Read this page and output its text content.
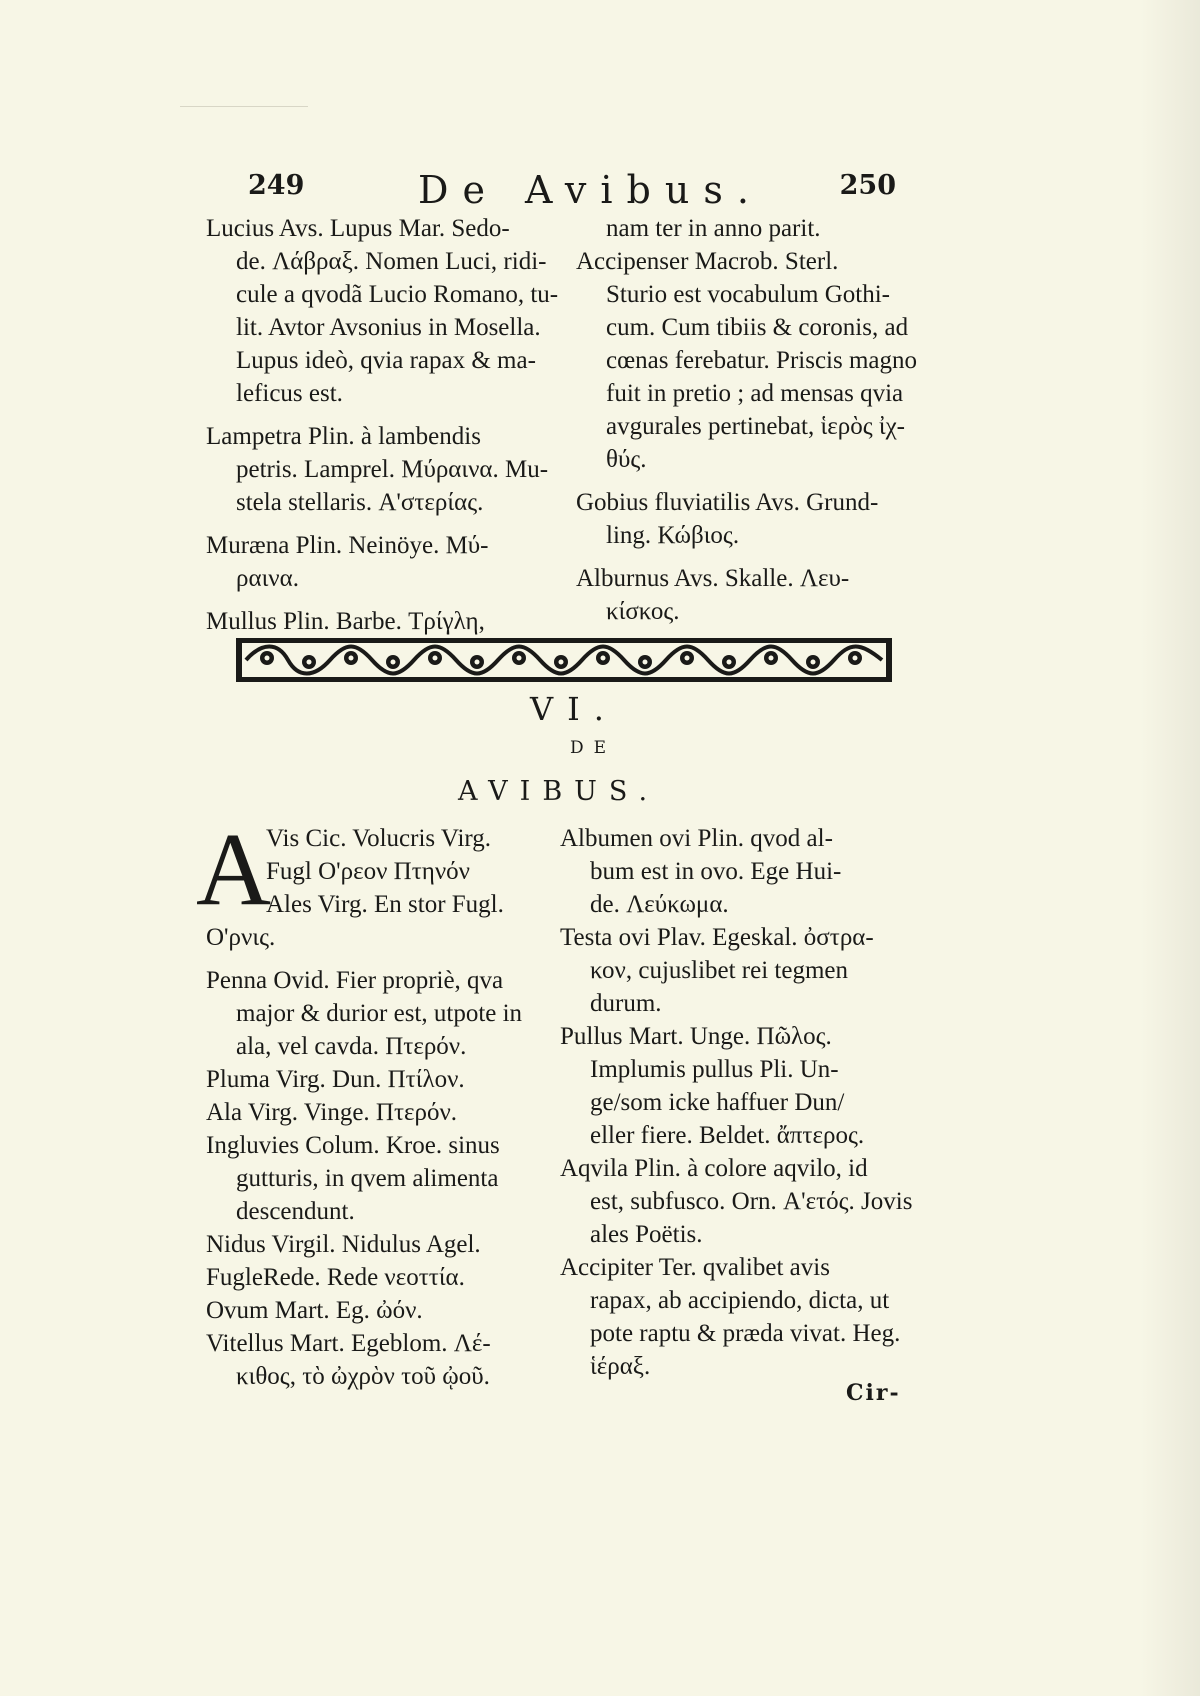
249	De Avibus.	250

Lucius Avs. Lupus Mar. Sedo-

de. Λάβραξ. Nomen Luci, ridi-

cule a qvodã Lucio Romano, tu-

lit. Avtor Avsonius in Mosella.

Lupus ideò, qvia rapax & ma-

leficus est.

Lampetra Plin. à lambendis

petris. Lamprel. Μύραινα. Mu-

stela stellaris. Α'στερίας.

Muræna Plin. Neinöye. Μύ-

ραινα.

Mullus Plin. Barbe. Τρίγλη,

nam ter in anno parit.

Accipenser Macrob. Sterl.

Sturio est vocabulum Gothi-

cum. Cum tibiis & coronis, ad

cœnas ferebatur. Priscis magno

fuit in pretio ; ad mensas qvia

avgurales pertinebat, ἱερὸς ἰχ-

θύς.

Gobius fluviatilis Avs. Grund-

ling. Κώβιος.

Alburnus Avs. Skalle. Λευ-

κίσκος.

VI.
DE
AVIBUS.
A

Vis Cic. Volucris Virg.

Fugl Ο'ρεον Πτηνόν

Ales Virg. En stor Fugl.

Ο'ρνις.

Penna Ovid. Fier propriè, qva

major & durior est, utpote in

ala, vel cavda. Πτερόν.

Pluma Virg. Dun. Πτίλον.

Ala Virg. Vinge. Πτερόν.

Ingluvies Colum. Kroe. sinus

gutturis, in qvem alimenta

descendunt.

Nidus Virgil. Nidulus Agel.

FugleRede. Rede νεοττία.

Ovum Mart. Eg. ὠόν.

Vitellus Mart. Egeblom. Λέ-

κιθος, τὸ ὠχρὸν τοῦ ᾠοῦ.

Albumen ovi Plin. qvod al-

bum est in ovo. Ege Hui-

de. Λεύκωμα.

Testa ovi Plav. Egeskal. ὀστρα-

κον, cujuslibet rei tegmen

durum.

Pullus Mart. Unge. Πῶλος.

Implumis pullus Pli. Un-

ge/som icke haffuer Dun/

eller fiere. Beldet. ἄπτερος.

Aqvila Plin. à colore aqvilo, id

est, subfusco. Orn. Α'ετός. Jovis

ales Poëtis.

Accipiter Ter. qvalibet avis

rapax, ab accipiendo, dicta, ut

pote raptu & præda vivat. Heg.

ἱέραξ.

Cir-
